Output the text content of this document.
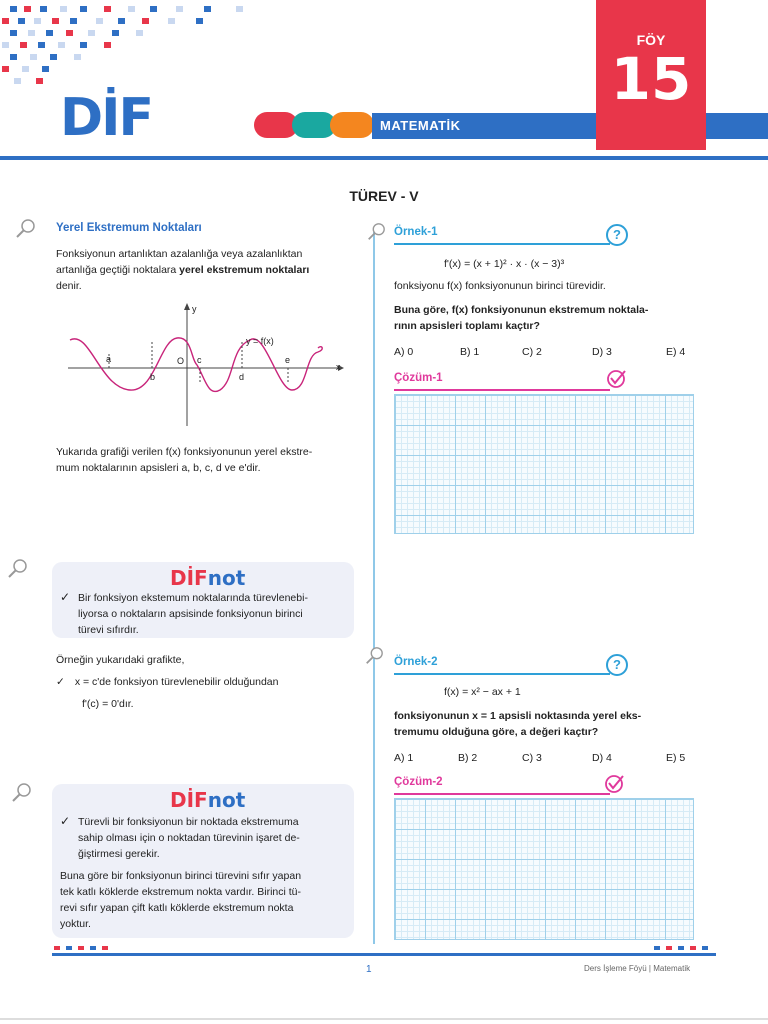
DİF	MATEMATİK
FÖY
15
TÜREV - V
Yerel Ekstremum Noktaları
Fonksiyonun artanlıktan azalanlığa veya azalanlıktan
artanlığa geçtiği noktalara yerel ekstremum noktaları
denir.
y
x
O
y = f(x)
a
b
c
d
e
Yukarıda grafiği verilen f(x) fonksiyonunun yerel ekstre-
mum noktalarının apsisleri a, b, c, d ve e'dir.
DİFnot
✓ Bir fonksiyon ekstemum noktalarında türevlenebi-
liyorsa o noktaların apsisinde fonksiyonun birinci
türevi sıfırdır.
Örneğin yukarıdaki grafikte,
✓ x = c'de fonksiyon türevlenebilir olduğundan
f'(c) = 0'dır.
DİFnot
✓ Türevli bir fonksiyonun bir noktada ekstremuma
sahip olması için o noktadan türevinin işaret de-
ğiştirmesi gerekir.
Buna göre bir fonksiyonun birinci türevini sıfır yapan
tek katlı köklerde ekstremum nokta vardır. Birinci tü-
revi sıfır yapan çift katlı köklerde ekstremum nokta
yoktur.
Örnek-1	?
f'(x) = (x + 1)² · x · (x − 3)³
fonksiyonu f(x) fonksiyonunun birinci türevidir.
Buna göre, f(x) fonksiyonunun ekstremum noktala-
rının apsisleri toplamı kaçtır?
A) 0	B) 1	C) 2	D) 3	E) 4
Çözüm-1
Örnek-2	?
f(x) = x² − ax + 1
fonksiyonunun x = 1 apsisli noktasında yerel eks-
tremumu olduğuna göre, a değeri kaçtır?
A) 1	B) 2	C) 3	D) 4	E) 5
Çözüm-2
1	Ders İşleme Föyü | Matematik
